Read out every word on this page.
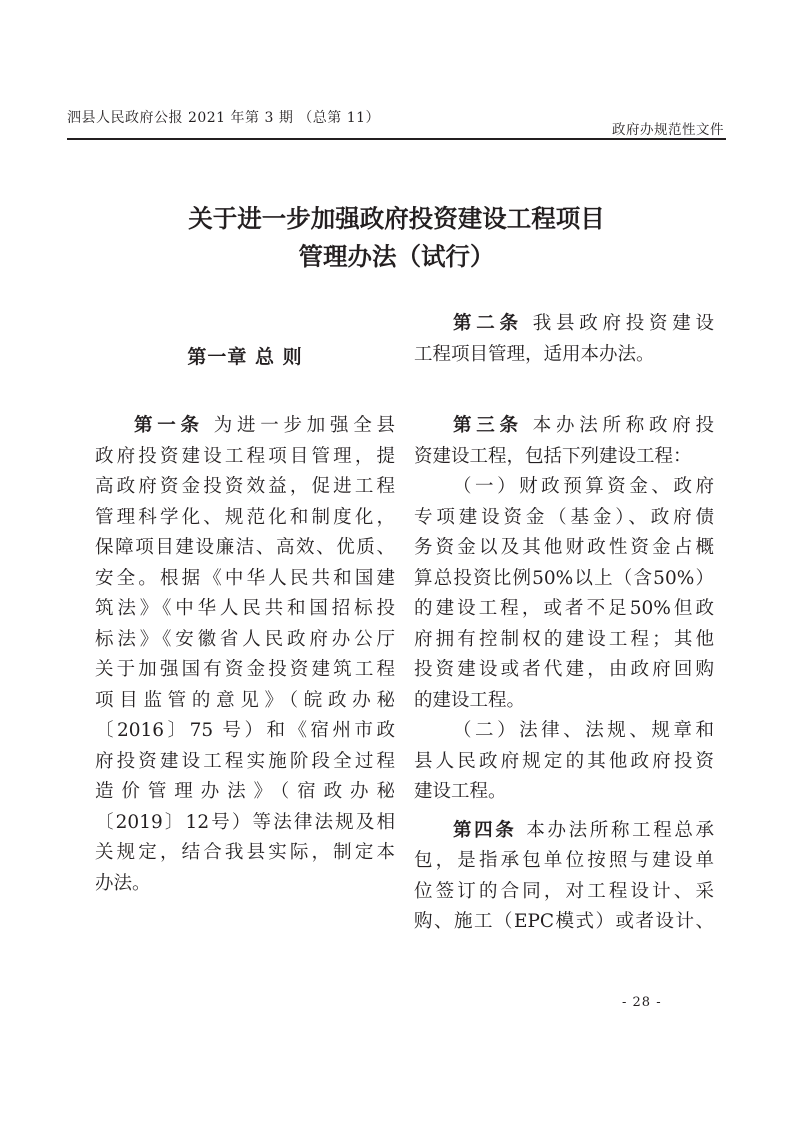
泗县人民政府公报 2021 年第 3 期 （总第 11）
政府办规范性文件
关于进一步加强政府投资建设工程项目
管理办法（试行）
第一章 总 则
第一条 为进一步加强全县
政府投资建设工程项目管理，提
高政府资金投资效益，促进工程
管理科学化、规范化和制度化，
保障项目建设廉洁、高效、优质、
安全。根据《中华人民共和国建
筑法》《中华人民共和国招标投
标法》《安徽省人民政府办公厅
关于加强国有资金投资建筑工程
项目监管的意见》（皖政办秘
〔2016〕75 号）和《宿州市政
府投资建设工程实施阶段全过程
造价管理办法》（宿政办秘
〔2019〕12号）等法律法规及相
关规定，结合我县实际，制定本
办法。
第二条 我县政府投资建设
工程项目管理，适用本办法。
第三条 本办法所称政府投
资建设工程，包括下列建设工程：
（一）财政预算资金、政府
专项建设资金（基金）、政府债
务资金以及其他财政性资金占概
算总投资比例50%以上（含50%）
的建设工程，或者不足50%但政
府拥有控制权的建设工程；其他
投资建设或者代建，由政府回购
的建设工程。
（二）法律、法规、规章和
县人民政府规定的其他政府投资
建设工程。
第四条 本办法所称工程总承
包，是指承包单位按照与建设单
位签订的合同，对工程设计、采
购、施工（EPC模式）或者设计、
- 28 -
